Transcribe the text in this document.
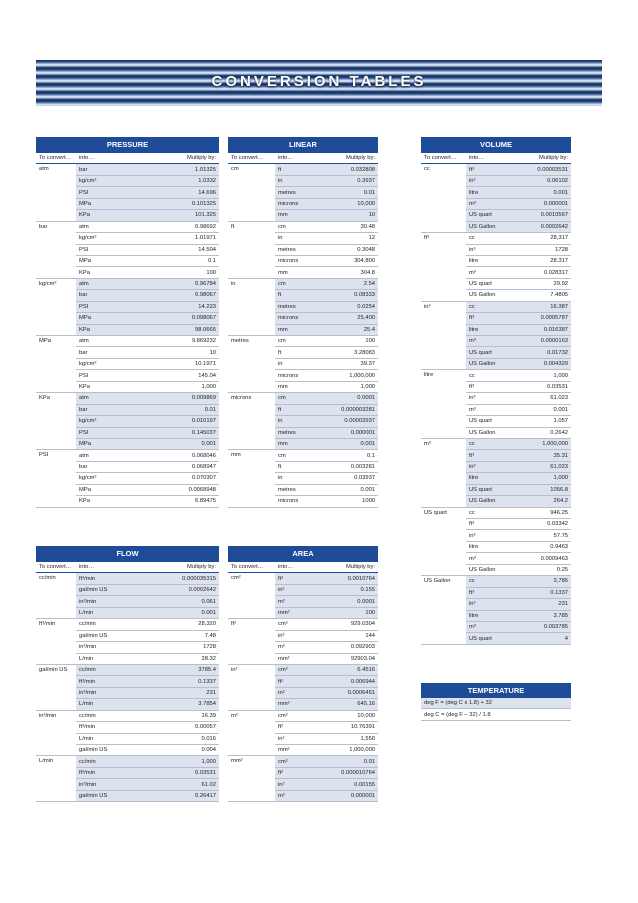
CONVERSION TABLES
PRESSURE		
To convert…	into…	Multiply by:
atm	bar	1.01325
	kg/cm²	1.0332
	PSI	14.696
	MPa	0.101325
	KPa	101.325
bar	atm	0.98692
	kg/cm²	1.01971
	PSI	14.504
	MPa	0.1
	KPa	100
kg/cm²	atm	0.96784
	bar	0.98067
	PSI	14.223
	MPa	0.098067
	KPa	98.0665
MPa	atm	9.869232
	bar	10
	kg/cm²	10.1971
	PSI	145.04
	KPa	1,000
KPa	atm	0.009869
	bar	0.01
	kg/cm²	0.010197
	PSI	0.145037
	MPa	0.001
PSI	atm	0.068046
	bar	0.068947
	kg/cm²	0.070307
	MPa	0.0068948
	KPa	6.89475
LINEAR		
To convert…	into…	Multiply by:
cm	ft	0.032808
	in	0.3937
	metres	0.01
	microns	10,000
	mm	10
ft	cm	30.48
	in	12
	metres	0.3048
	microns	304,800
	mm	304.8
in	cm	2.54
	ft	0.08333
	metres	0.0254
	microns	25,400
	mm	25.4
metres	cm	100
	ft	3.28083
	in	39.37
	microns	1,000,000
	mm	1,000
microns	cm	0.0001
	ft	0.000003281
	in	0.00003937
	metres	0.000001
	mm	0.001
mm	cm	0.1
	ft	0.003281
	in	0.03937
	metres	0.001
	microns	1000
VOLUME		
To convert…	into…	Multiply by:
cc	ft³	0.00003531
	in³	0.06102
	litre	0.001
	m³	0.000001
	US quart	0.0010567
	US Gallon	0.0002642
ft³	cc	28,317
	in³	1728
	litre	28.317
	m³	0.028317
	US quart	29.92
	US Gallon	7.4805
in³	cc	16.387
	ft³	0.0005787
	litre	0.016387
	m³	0.0000163
	US quart	0.01732
	US Gallon	0.004329
litre	cc	1,000
	ft³	0.03531
	in³	61.023
	m³	0.001
	US quart	1.057
	US Gallon	0.2642
m³	cc	1,000,000
	ft³	35.31
	in³	61,023
	litre	1,000
	US quart	1056.8
	US Gallon	264.2
US quart	cc	946.25
	ft³	0.03342
	in³	57.75
	litre	0.9463
	m³	0.0009463
	US Gallon	0.25
US Gallon	cc	3,785
	ft³	0.1337
	in³	231
	litre	3.785
	m³	0.003785
	US quart	4
FLOW		
To convert…	into…	Multiply by:
cc/min	ft³/min	0.000035315
	gal/min US	0.0002642
	in³/min	0.061
	L/min	0.001
ft³/min	cc/min	28,320
	gal/min US	7.48
	in³/min	1728
	L/min	28.32
gal/min US	cc/min	3785.4
	ft³/min	0.1337
	in³/min	231
	L/min	3.7854
in³/min	cc/min	16.39
	ft³/min	0.00057
	L/min	0.016
	gal/min US	0.004
L/min	cc/min	1,000
	ft³/min	0.03531
	in³/min	61.02
	gal/min US	0.26417
AREA		
To convert…	into…	Multiply by:
cm²	ft²	0.0010764
	in²	0.155
	m²	0.0001
	mm²	100
ft²	cm²	929.0304
	in²	144
	m²	0.092903
	mm²	92903.04
in²	cm²	6.4516
	ft²	0.006944
	m²	0.0006451
	mm²	645.16
m²	cm²	10,000
	ft²	10.76391
	in²	1,550
	mm²	1,000,000
mm²	cm²	0.01
	ft²	0.000010764
	in²	0.00155
	m²	0.000001
TEMPERATURE
deg F = (deg C x 1.8) + 32
deg C = (deg F – 32) / 1.8
